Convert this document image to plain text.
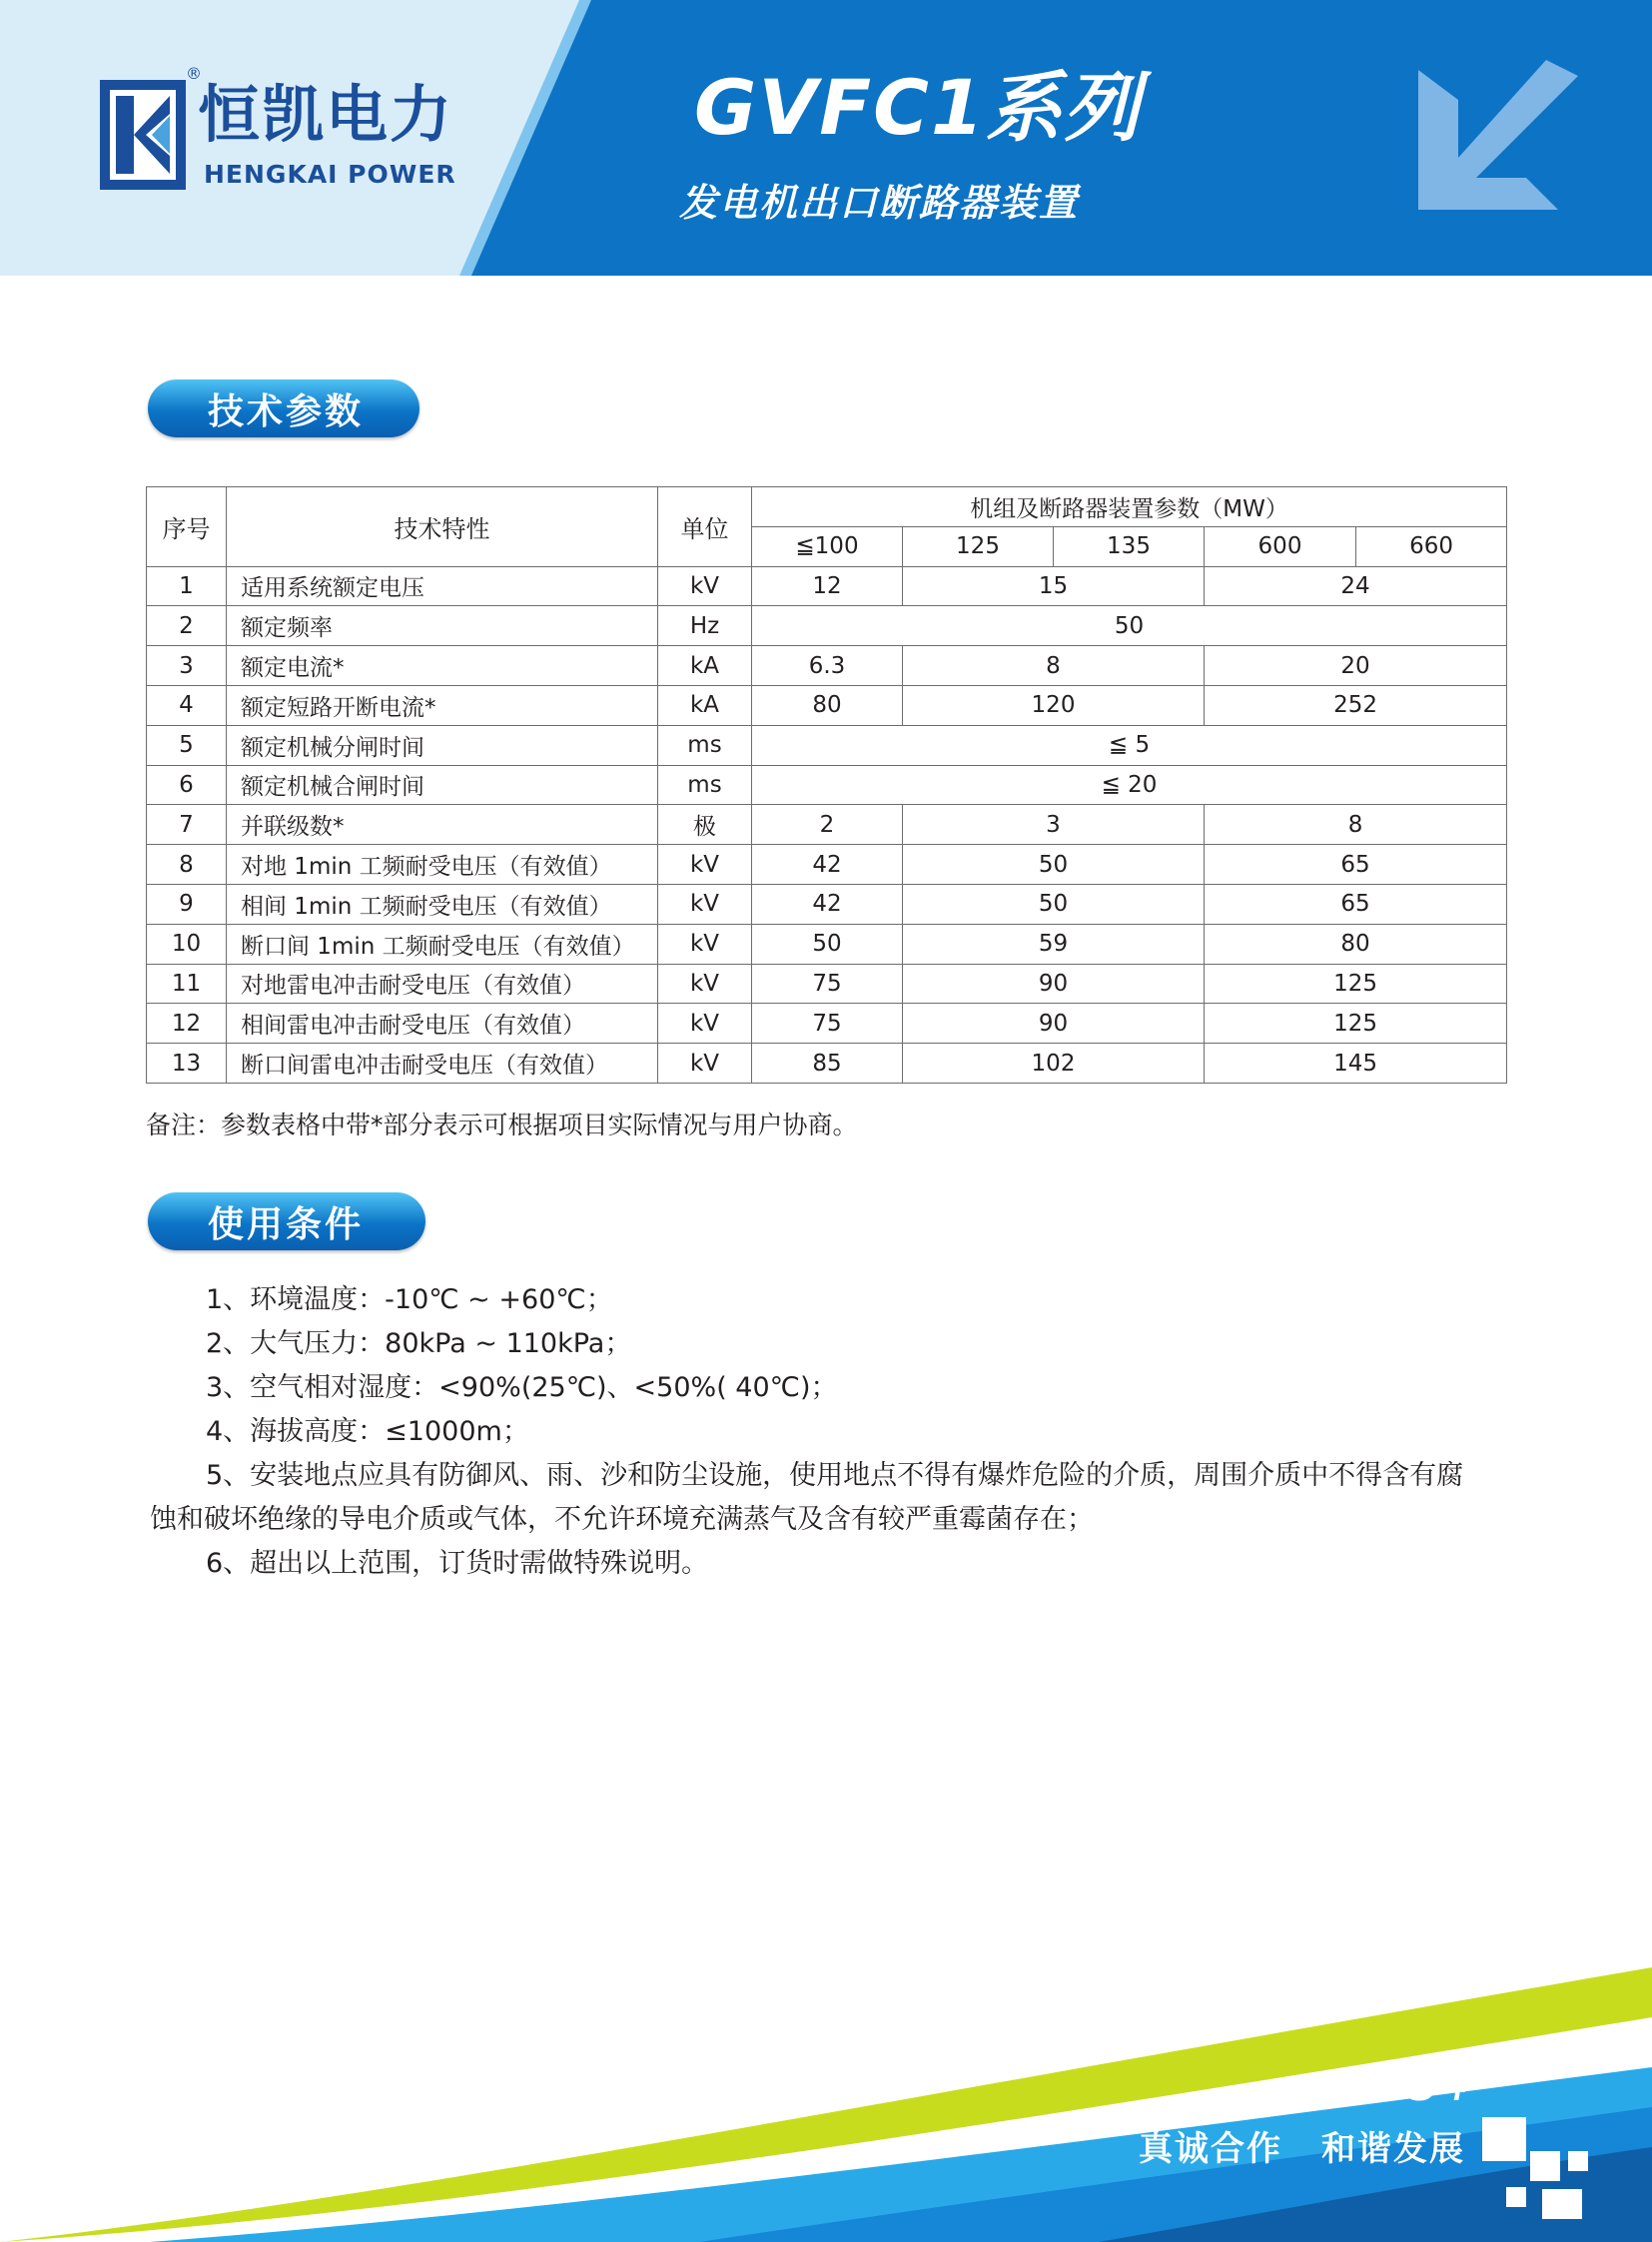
®
恒凯电力
HENGKAI POWER
GVFC1系列
发电机出口断路器装置
技术参数
序号	技术特性	单位	机组及断路器装置参数（MW）				
			≦100	125	135	600	660
1	适用系统额定电压	kV	12	15		24	
2	额定频率	Hz	50				
3	额定电流*	kA	6.3	8		20	
4	额定短路开断电流*	kA	80	120		252	
5	额定机械分闸时间	ms	≦ 5				
6	额定机械合闸时间	ms	≦ 20				
7	并联级数*	极	2	3		8	
8	对地 1min 工频耐受电压（有效值）	kV	42	50		65	
9	相间 1min 工频耐受电压（有效值）	kV	42	50		65	
10	断口间 1min 工频耐受电压（有效值）	kV	50	59		80	
11	对地雷电冲击耐受电压（有效值）	kV	75	90		125	
12	相间雷电冲击耐受电压（有效值）	kV	75	90		125	
13	断口间雷电冲击耐受电压（有效值）	kV	85	102		145	
备注：参数表格中带*部分表示可根据项目实际情况与用户协商。
使用条件
1、环境温度：-10℃ ~ +60℃；
2、大气压力：80kPa ~ 110kPa；
3、空气相对湿度：<90%(25℃)、<50%( 40℃)；
4、海拔高度：≤1000m；
5、安装地点应具有防御风、雨、沙和防尘设施，使用地点不得有爆炸危险的介质，周围介质中不得含有腐
蚀和破坏绝缘的导电介质或气体，不允许环境充满蒸气及含有较严重霉菌存在；
6、超出以上范围，订货时需做特殊说明。
34
真诚合作 和谐发展
